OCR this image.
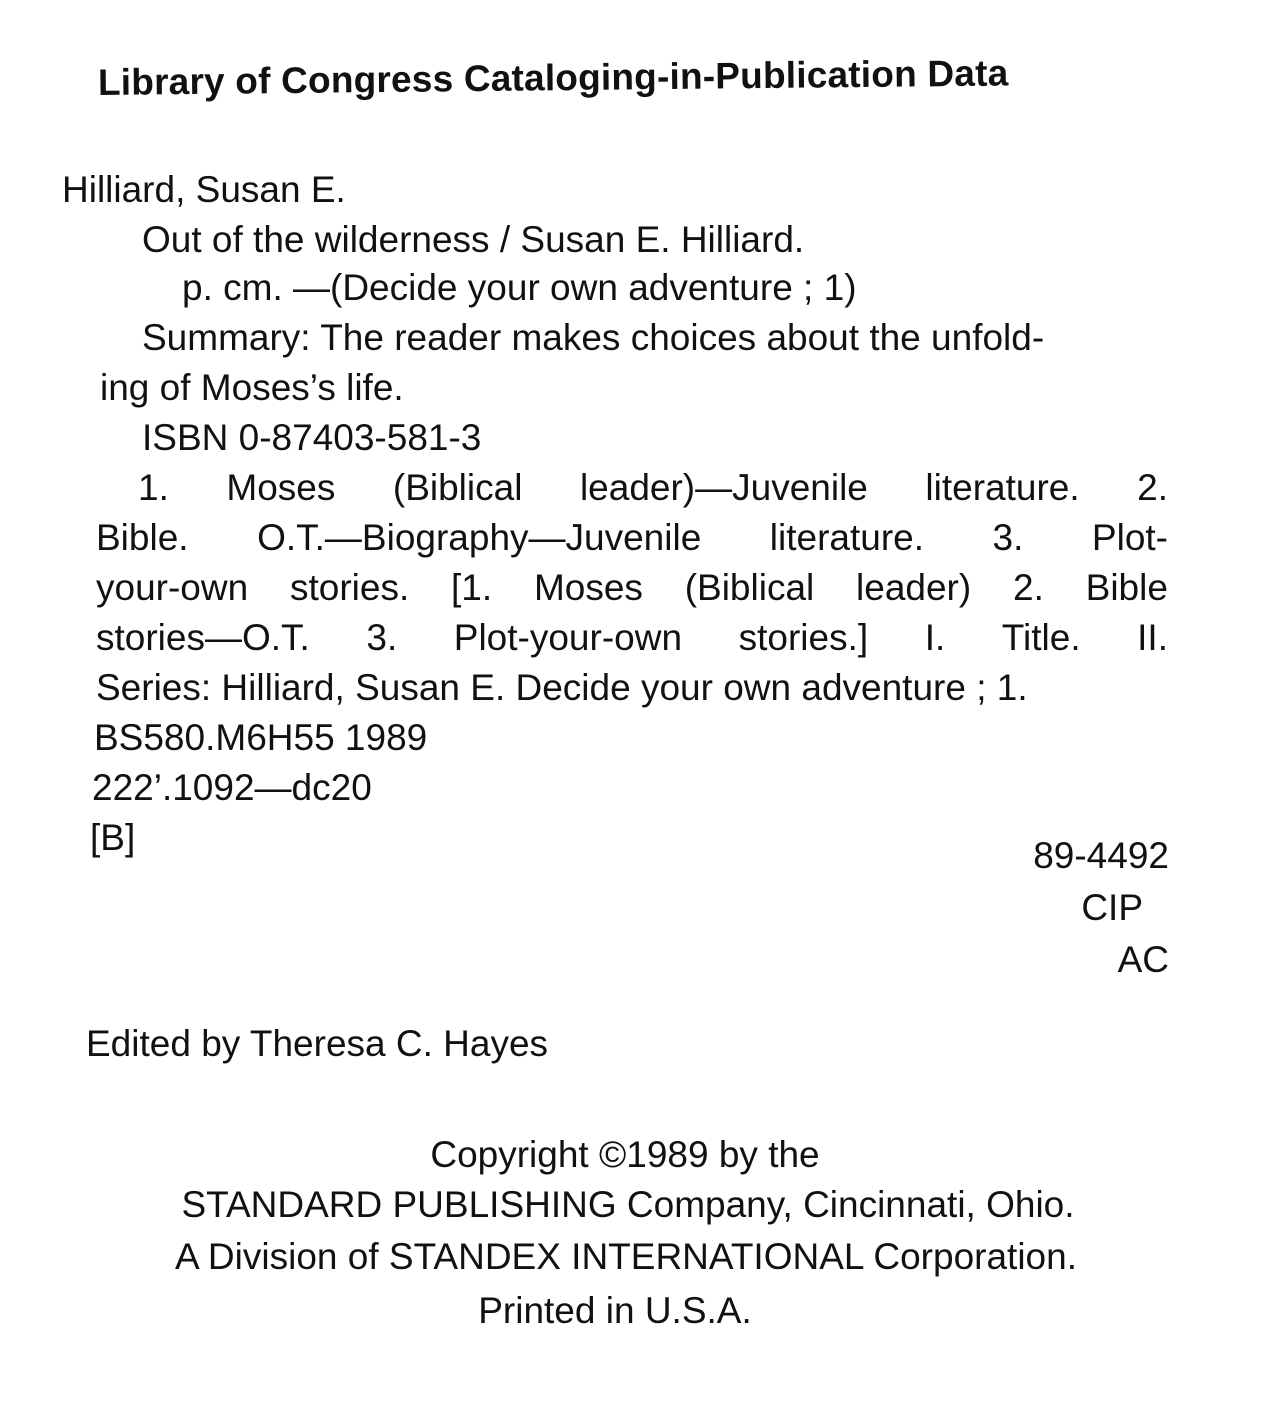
Library of Congress Cataloging-in-Publication Data
Hilliard, Susan E.
Out of the wilderness / Susan E. Hilliard.
p. cm. —(Decide your own adventure ; 1)
Summary: The reader makes choices about the unfold-
ing of Moses’s life.
ISBN 0-87403-581-3
1. Moses (Biblical leader)—Juvenile literature. 2.
Bible. O.T.—Biography—Juvenile literature. 3. Plot-
your-own stories. [1. Moses (Biblical leader) 2. Bible
stories—O.T. 3. Plot-your-own stories.] I. Title. II.
Series: Hilliard, Susan E. Decide your own adventure ; 1.
BS580.M6H55 1989
222’.1092—dc20
[B]	89-4492
CIP
AC
Edited by Theresa C. Hayes
Copyright ©1989 by the
STANDARD PUBLISHING Company, Cincinnati, Ohio.
A Division of STANDEX INTERNATIONAL Corporation.
Printed in U.S.A.
